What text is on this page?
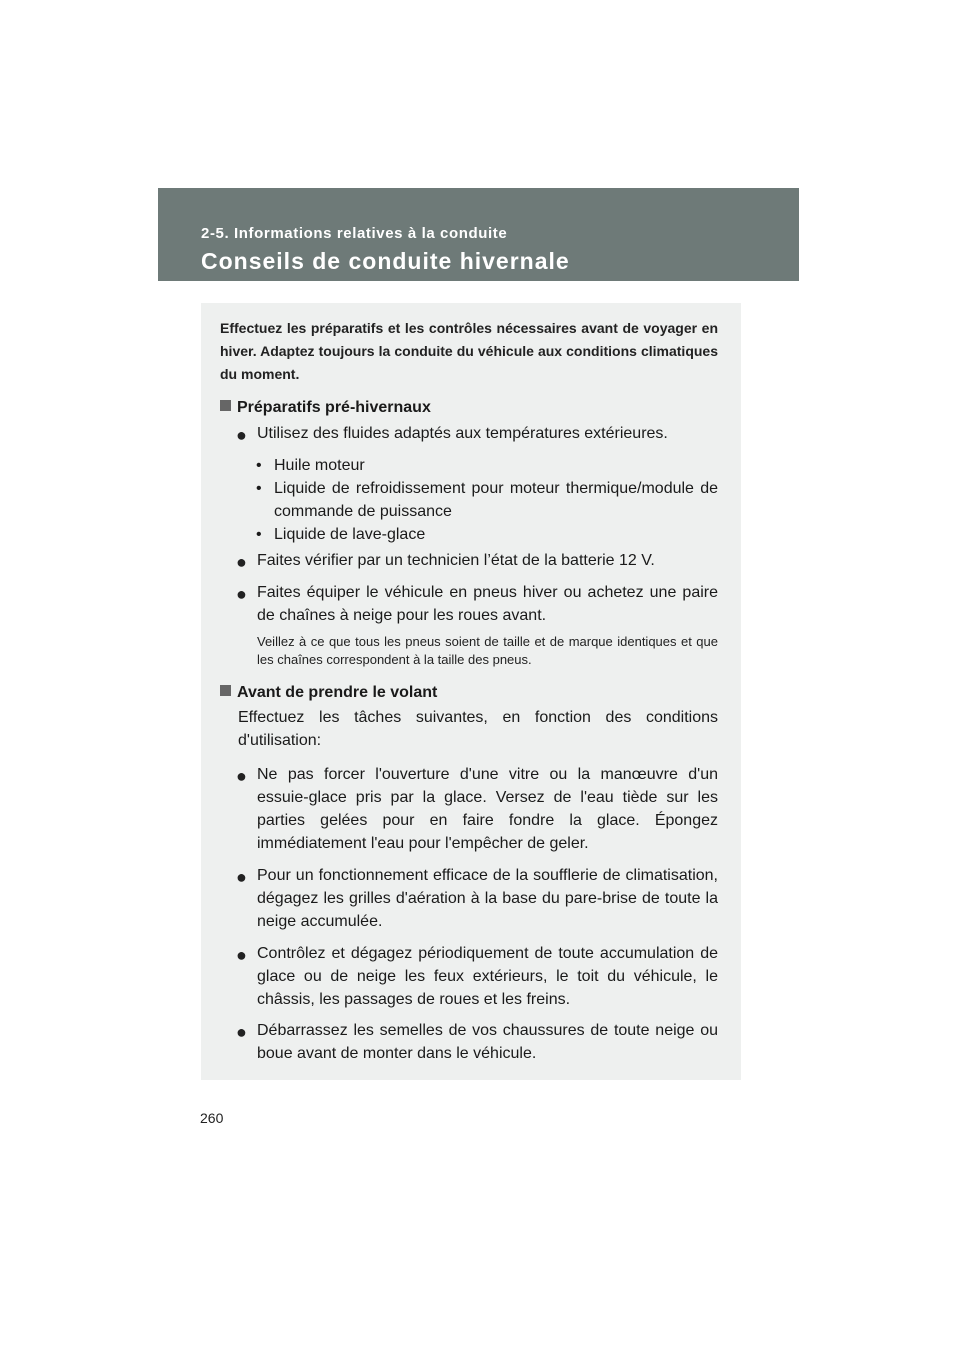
2-5. Informations relatives à la conduite
Conseils de conduite hivernale
Effectuez les préparatifs et les contrôles nécessaires avant de voyager en hiver. Adaptez toujours la conduite du véhicule aux conditions climatiques du moment.
Préparatifs pré-hivernaux
● Utilisez des fluides adaptés aux températures extérieures.
• Huile moteur
• Liquide de refroidissement pour moteur thermique/module de commande de puissance
• Liquide de lave-glace
● Faites vérifier par un technicien l’état de la batterie 12 V.
● Faites équiper le véhicule en pneus hiver ou achetez une paire de chaînes à neige pour les roues avant.
Veillez à ce que tous les pneus soient de taille et de marque identiques et que les chaînes correspondent à la taille des pneus.
Avant de prendre le volant
Effectuez les tâches suivantes, en fonction des conditions d'utilisation:
● Ne pas forcer l'ouverture d'une vitre ou la manœuvre d'un essuie-glace pris par la glace. Versez de l'eau tiède sur les parties gelées pour en faire fondre la glace. Épongez immédiatement l'eau pour l'empêcher de geler.
● Pour un fonctionnement efficace de la soufflerie de climatisation, dégagez les grilles d'aération à la base du pare-brise de toute la neige accumulée.
● Contrôlez et dégagez périodiquement de toute accumulation de glace ou de neige les feux extérieurs, le toit du véhicule, le châssis, les passages de roues et les freins.
● Débarrassez les semelles de vos chaussures de toute neige ou boue avant de monter dans le véhicule.
260
